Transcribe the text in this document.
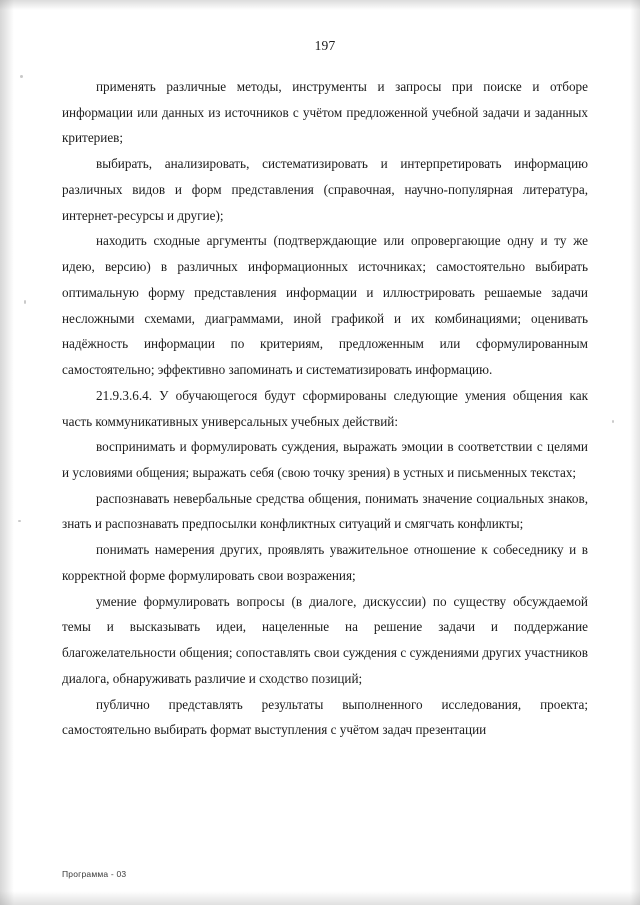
197

применять различные методы, инструменты и запросы при поиске и отборе информации или данных из источников с учётом предложенной учебной задачи и заданных критериев;

выбирать, анализировать, систематизировать и интерпретировать информацию различных видов и форм представления (справочная, научно-популярная литература, интернет-ресурсы и другие);

находить сходные аргументы (подтверждающие или опровергающие одну и ту же идею, версию) в различных информационных источниках; самостоятельно выбирать оптимальную форму представления информации и иллюстрировать решаемые задачи несложными схемами, диаграммами, иной графикой и их комбинациями; оценивать надёжность информации по критериям, предложенным или сформулированным самостоятельно; эффективно запоминать и систематизировать информацию.

21.9.3.6.4. У обучающегося будут сформированы следующие умения общения как часть коммуникативных универсальных учебных действий:

воспринимать и формулировать суждения, выражать эмоции в соответствии с целями и условиями общения; выражать себя (свою точку зрения) в устных и письменных текстах;

распознавать невербальные средства общения, понимать значение социальных знаков, знать и распознавать предпосылки конфликтных ситуаций и смягчать конфликты;

понимать намерения других, проявлять уважительное отношение к собеседнику и в корректной форме формулировать свои возражения;

умение формулировать вопросы (в диалоге, дискуссии) по существу обсуждаемой темы и высказывать идеи, нацеленные на решение задачи и поддержание благожелательности общения; сопоставлять свои суждения с суждениями других участников диалога, обнаруживать различие и сходство позиций;

публично представлять результаты выполненного исследования, проекта; самостоятельно выбирать формат выступления с учётом задач презентации

Программа - 03
